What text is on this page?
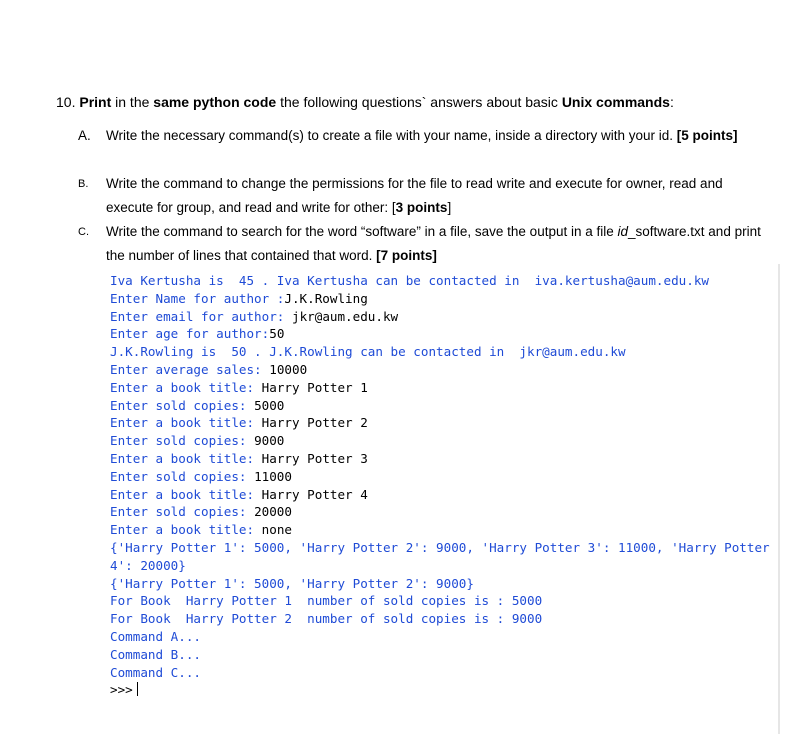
10. Print in the same python code the following questions` answers about basic Unix commands:
A.	Write the necessary command(s) to create a file with your name, inside a directory with your id. [5 points]
B.	Write the command to change the permissions for the file to read write and execute for owner, read and execute for group, and read and write for other: [3 points]
C.	Write the command to search for the word “software” in a file, save the output in a file id_software.txt and print the number of lines that contained that word. [7 points]
Iva Kertusha is  45 . Iva Kertusha can be contacted in  iva.kertusha@aum.edu.kw
Enter Name for author :J.K.Rowling
Enter email for author: jkr@aum.edu.kw
Enter age for author:50
J.K.Rowling is  50 . J.K.Rowling can be contacted in  jkr@aum.edu.kw
Enter average sales: 10000
Enter a book title: Harry Potter 1
Enter sold copies: 5000
Enter a book title: Harry Potter 2
Enter sold copies: 9000
Enter a book title: Harry Potter 3
Enter sold copies: 11000
Enter a book title: Harry Potter 4
Enter sold copies: 20000
Enter a book title: none
{'Harry Potter 1': 5000, 'Harry Potter 2': 9000, 'Harry Potter 3': 11000, 'Harry Potter 4': 20000}
{'Harry Potter 1': 5000, 'Harry Potter 2': 9000}
For Book  Harry Potter 1  number of sold copies is : 5000
For Book  Harry Potter 2  number of sold copies is : 9000
Command A...
Command B...
Command C...
>>>
